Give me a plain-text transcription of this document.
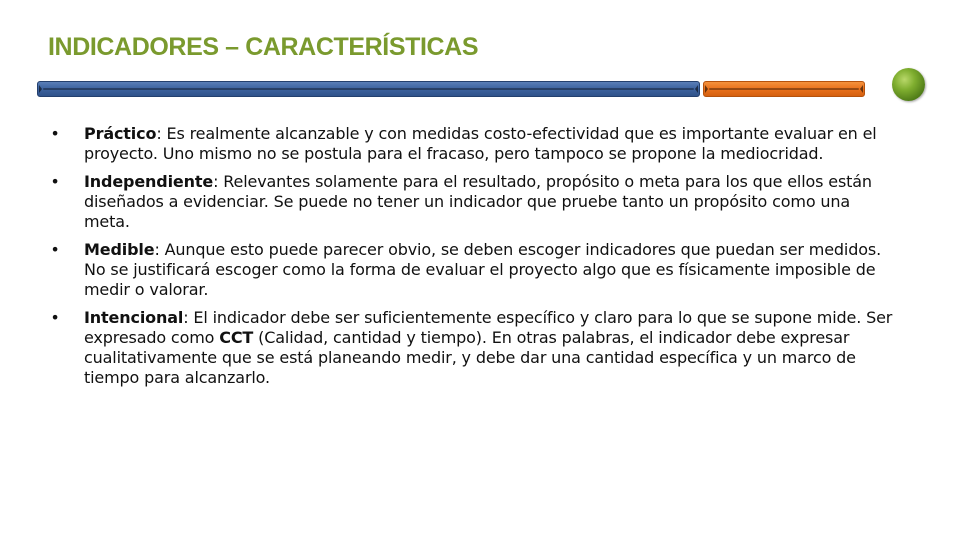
INDICADORES – CARACTERÍSTICAS
• Práctico: Es realmente alcanzable y con medidas costo-efectividad que es importante evaluar en el proyecto. Uno mismo no se postula para el fracaso, pero tampoco se propone la mediocridad.
• Independiente: Relevantes solamente para el resultado, propósito o meta para los que ellos están diseñados a evidenciar. Se puede no tener un indicador que pruebe tanto un propósito como una meta.
• Medible: Aunque esto puede parecer obvio, se deben escoger indicadores que puedan ser medidos. No se justificará escoger como la forma de evaluar el proyecto algo que es físicamente imposible de medir o valorar.
• Intencional: El indicador debe ser suficientemente específico y claro para lo que se supone mide. Ser expresado como CCT (Calidad, cantidad y tiempo). En otras palabras, el indicador debe expresar cualitativamente que se está planeando medir, y debe dar una cantidad específica y un marco de tiempo para alcanzarlo.
